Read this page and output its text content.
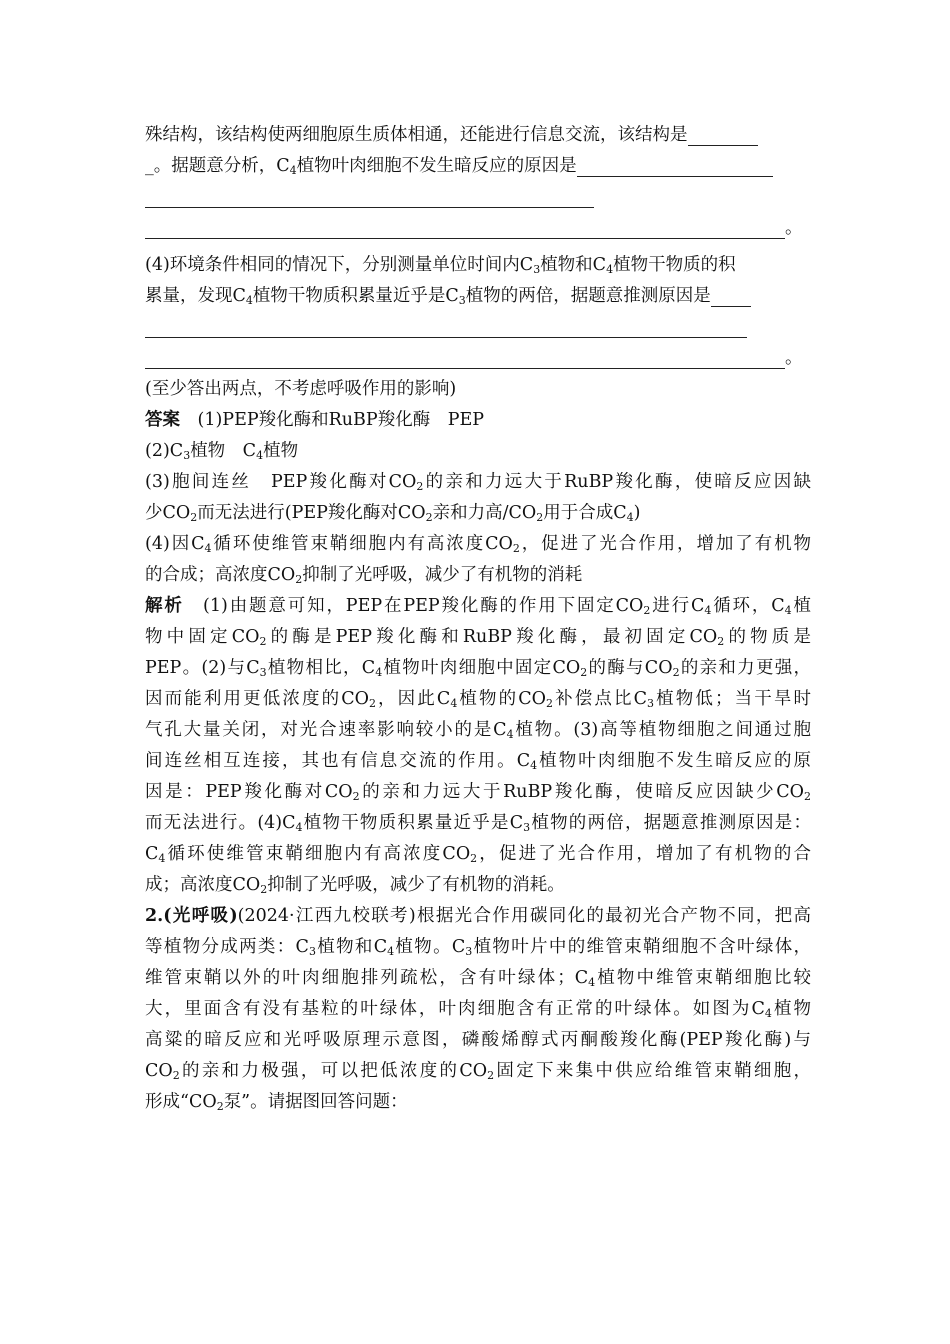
殊结构，该结构使两细胞原生质体相通，还能进行信息交流，该结构是
_。据题意分析，$C_4$植物叶肉细胞不发生暗反应的原因是
。
(4)环境条件相同的情况下，分别测量单位时间内$C_3$植物和$C_4$植物干物质的积
累量，发现$C_4$植物干物质积累量近乎是$C_3$植物的两倍，据题意推测原因是
。
(至少答出两点，不考虑呼吸作用的影响)
答案　 (1)PEP羧化酶和RuBP羧化酶　PEP
$(2)C_3$植物　$C_4$植物
(3)胞间连丝　PEP羧化酶对$CO_2$的亲和力远大于RuBP羧化酶，使暗反应因缺
少$CO_2$而无法进行(PEP羧化酶对$CO_2$亲和力高$/CO_2$用于合成$C_4$)
(4)因$C_4$循环使维管束鞘细胞内有高浓度$CO_2$，促进了光合作用，增加了有机物
的合成；高浓度$CO_2$抑制了光呼吸，减少了有机物的消耗
解析　(1)由题意可知，PEP在PEP羧化酶的作用下固定$CO_2$进行$C_4$循环，$C_4$植
物中固定$CO_2$的酶是PEP羧化酶和RuBP羧化酶，最初固定$CO_2$的物质是
PEP。(2)与$C_3$植物相比，$C_4$植物叶肉细胞中固定$CO_2$的酶与$CO_2$的亲和力更强，
因而能利用更低浓度的$CO_2$，因此$C_4$植物的$CO_2$补偿点比$C_3$植物低；当干旱时
气孔大量关闭，对光合速率影响较小的是$C_4$植物。(3)高等植物细胞之间通过胞
间连丝相互连接，其也有信息交流的作用。$C_4$植物叶肉细胞不发生暗反应的原
因是：PEP羧化酶对$CO_2$的亲和力远大于RuBP羧化酶，使暗反应因缺少$CO_2$
而无法进行。$(4)C_4$植物干物质积累量近乎是$C_3$植物的两倍，据题意推测原因是：
$C_4$循环使维管束鞘细胞内有高浓度$CO_2$，促进了光合作用，增加了有机物的合
成；高浓度$CO_2$抑制了光呼吸，减少了有机物的消耗。
2.(光呼吸)(2024·江西九校联考)根据光合作用碳同化的最初光合产物不同，把高
等植物分成两类：$C_3$植物和$C_4$植物。$C_3$植物叶片中的维管束鞘细胞不含叶绿体，
维管束鞘以外的叶肉细胞排列疏松，含有叶绿体；$C_4$植物中维管束鞘细胞比较
大，里面含有没有基粒的叶绿体，叶肉细胞含有正常的叶绿体。如图为$C_4$植物
高粱的暗反应和光呼吸原理示意图，磷酸烯醇式丙酮酸羧化酶(PEP羧化酶)与
$CO_2$的亲和力极强，可以把低浓度的$CO_2$固定下来集中供应给维管束鞘细胞，
形成“$CO_2$泵”。请据图回答问题：
